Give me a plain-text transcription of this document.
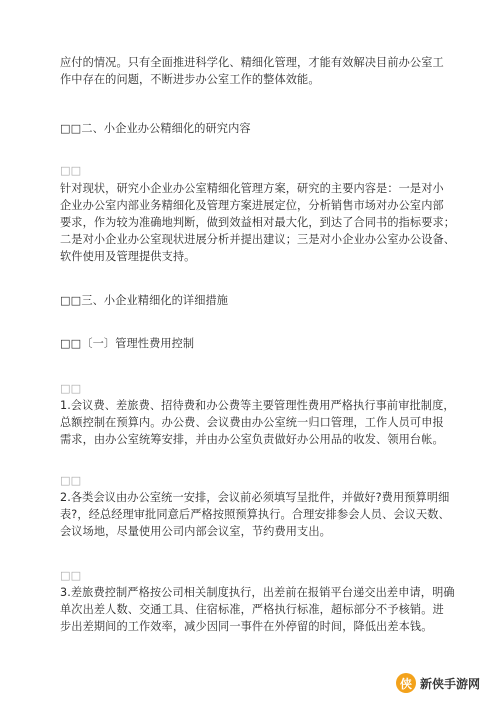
应付的情况。只有全面推进科学化、精细化管理，才能有效解决目前办公室工

作中存在的问题，不断进步办公室工作的整体效能。

□□二、小企业办公精细化的研究内容

□□

针对现状，研究小企业办公室精细化管理方案，研究的主要内容是：一是对小

企业办公室内部业务精细化及管理方案进展定位，分析销售市场对办公室内部

要求，作为较为准确地判断，做到效益相对最大化，到达了合同书的指标要求；

二是对小企业办公室现状进展分析并提出建议；三是对小企业办公室办公设备、

软件使用及管理提供支持。

□□三、小企业精细化的详细措施

□□〔一〕管理性费用控制

□□

1.会议费、差旅费、招待费和办公费等主要管理性费用严格执行事前审批制度，

总额控制在预算内。办公费、会议费由办公室统一归口管理，工作人员可申报

需求，由办公室统筹安排，并由办公室负责做好办公用品的收发、领用台帐。

□□

2.各类会议由办公室统一安排，会议前必须填写呈批件，并做好?费用预算明细

表?，经总经理审批同意后严格按照预算执行。合理安排参会人员、会议天数、

会议场地，尽量使用公司内部会议室，节约费用支出。

□□

3.差旅费控制严格按公司相关制度执行，出差前在报销平台递交出差申请，明确

单次出差人数、交通工具、住宿标准，严格执行标准，超标部分不予核销。进

步出差期间的工作效率，减少因同一事件在外停留的时间，降低出差本钱。

侠 新侠手游网
